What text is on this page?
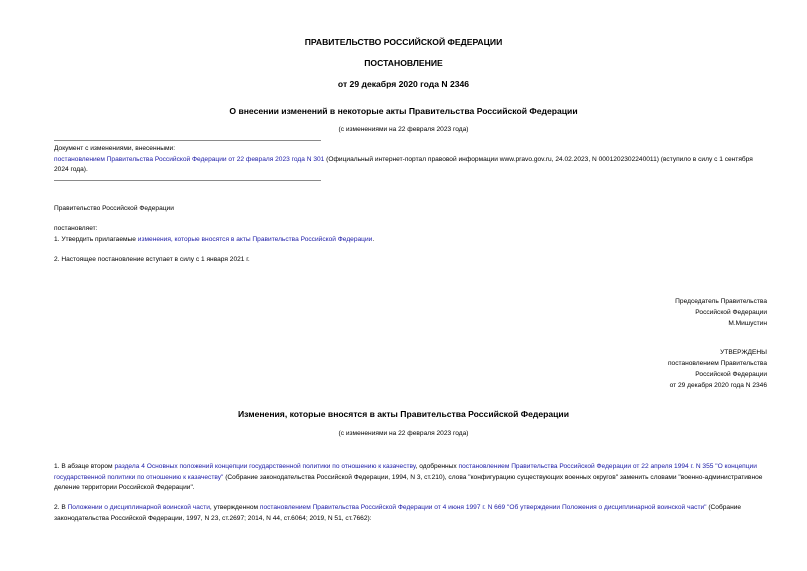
ПРАВИТЕЛЬСТВО РОССИЙСКОЙ ФЕДЕРАЦИИ
ПОСТАНОВЛЕНИЕ
от 29 декабря 2020 года N 2346
О внесении изменений в некоторые акты Правительства Российской Федерации
(с изменениями на 22 февраля 2023 года)
Документ с изменениями, внесенными:
постановлением Правительства Российской Федерации от 22 февраля 2023 года N 301 (Официальный интернет-портал правовой информации www.pravo.gov.ru, 24.02.2023, N 0001202302240011) (вступило в силу с 1 сентября 2024 года).
Правительство Российской Федерации
постановляет:
1. Утвердить прилагаемые изменения, которые вносятся в акты Правительства Российской Федерации.
2. Настоящее постановление вступает в силу с 1 января 2021 г.
Председатель Правительства
Российской Федерации
М.Мишустин
УТВЕРЖДЕНЫ
постановлением Правительства
Российской Федерации
от 29 декабря 2020 года N 2346
Изменения, которые вносятся в акты Правительства Российской Федерации
(с изменениями на 22 февраля 2023 года)
1. В абзаце втором раздела 4 Основных положений концепции государственной политики по отношению к казачеству, одобренных постановлением Правительства Российской Федерации от 22 апреля 1994 г. N 355 "О концепции государственной политики по отношению к казачеству" (Собрание законодательства Российской Федерации, 1994, N 3, ст.210), слова "конфигурацию существующих военных округов" заменить словами "военно-административное деление территории Российской Федерации".
2. В Положении о дисциплинарной воинской части, утвержденном постановлением Правительства Российской Федерации от 4 июня 1997 г. N 669 "Об утверждении Положения о дисциплинарной воинской части" (Собрание законодательства Российской Федерации, 1997, N 23, ст.2697; 2014, N 44, ст.6064; 2019, N 51, ст.7662):
